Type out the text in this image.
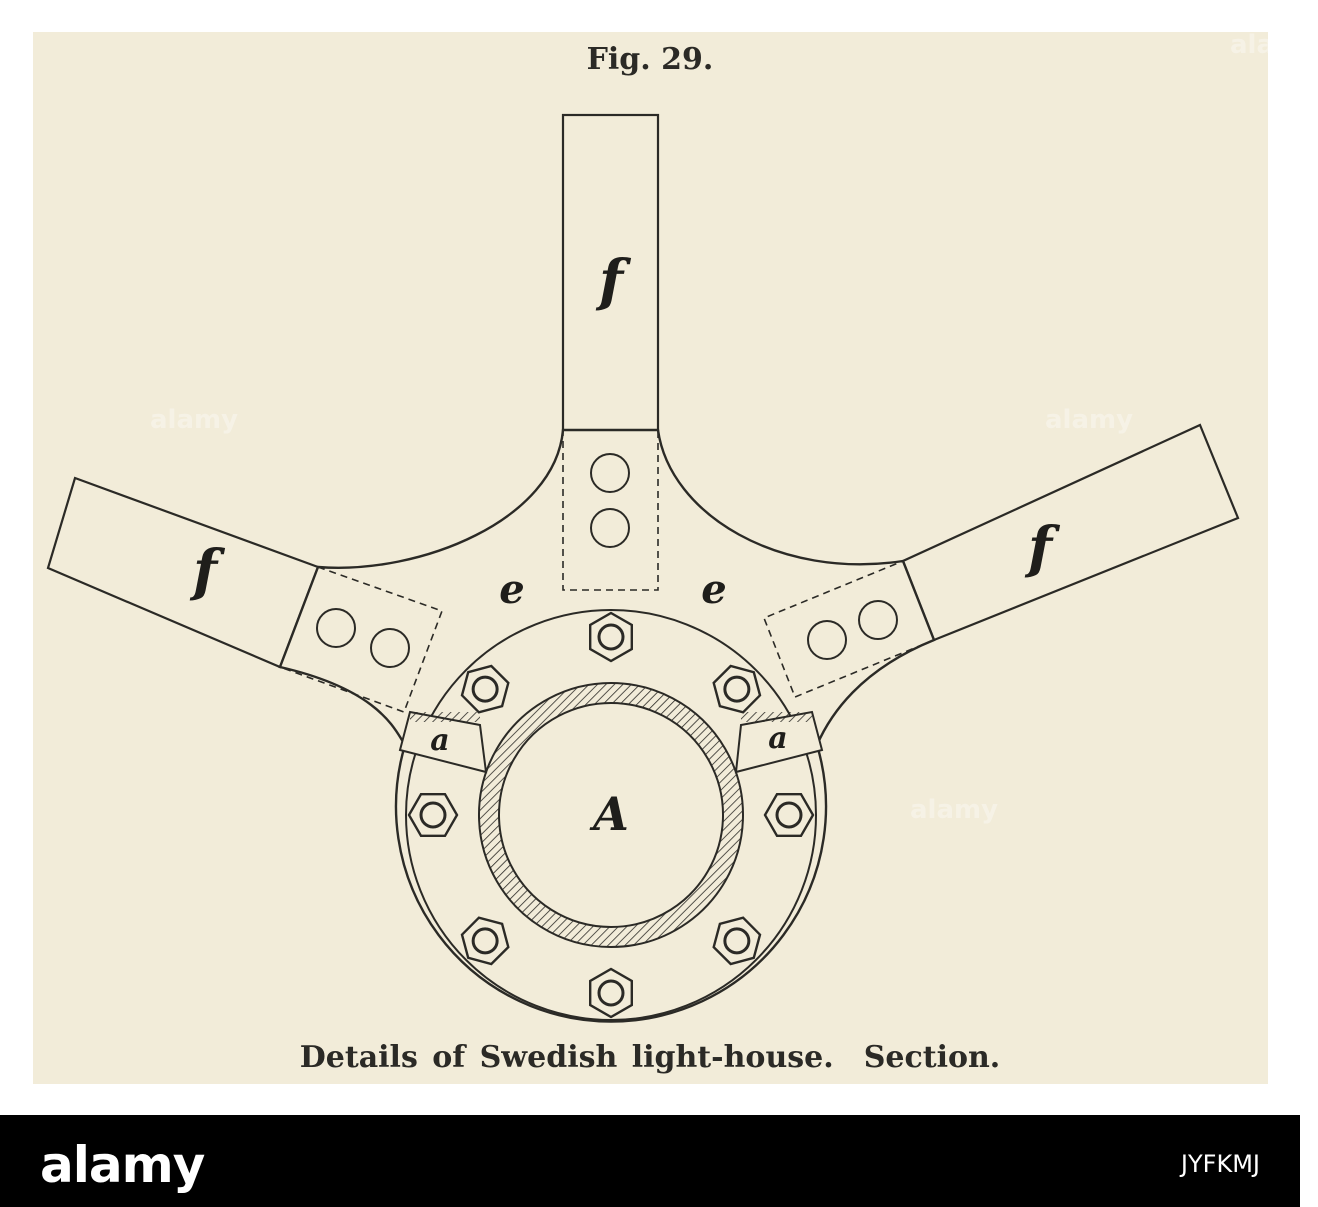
Fig. 29.
A
a	a
e	e
f
f	f
Details of Swedish light-house. Section.
alamy	alamy
alamy
alamy
alamy	JYFKMJ
